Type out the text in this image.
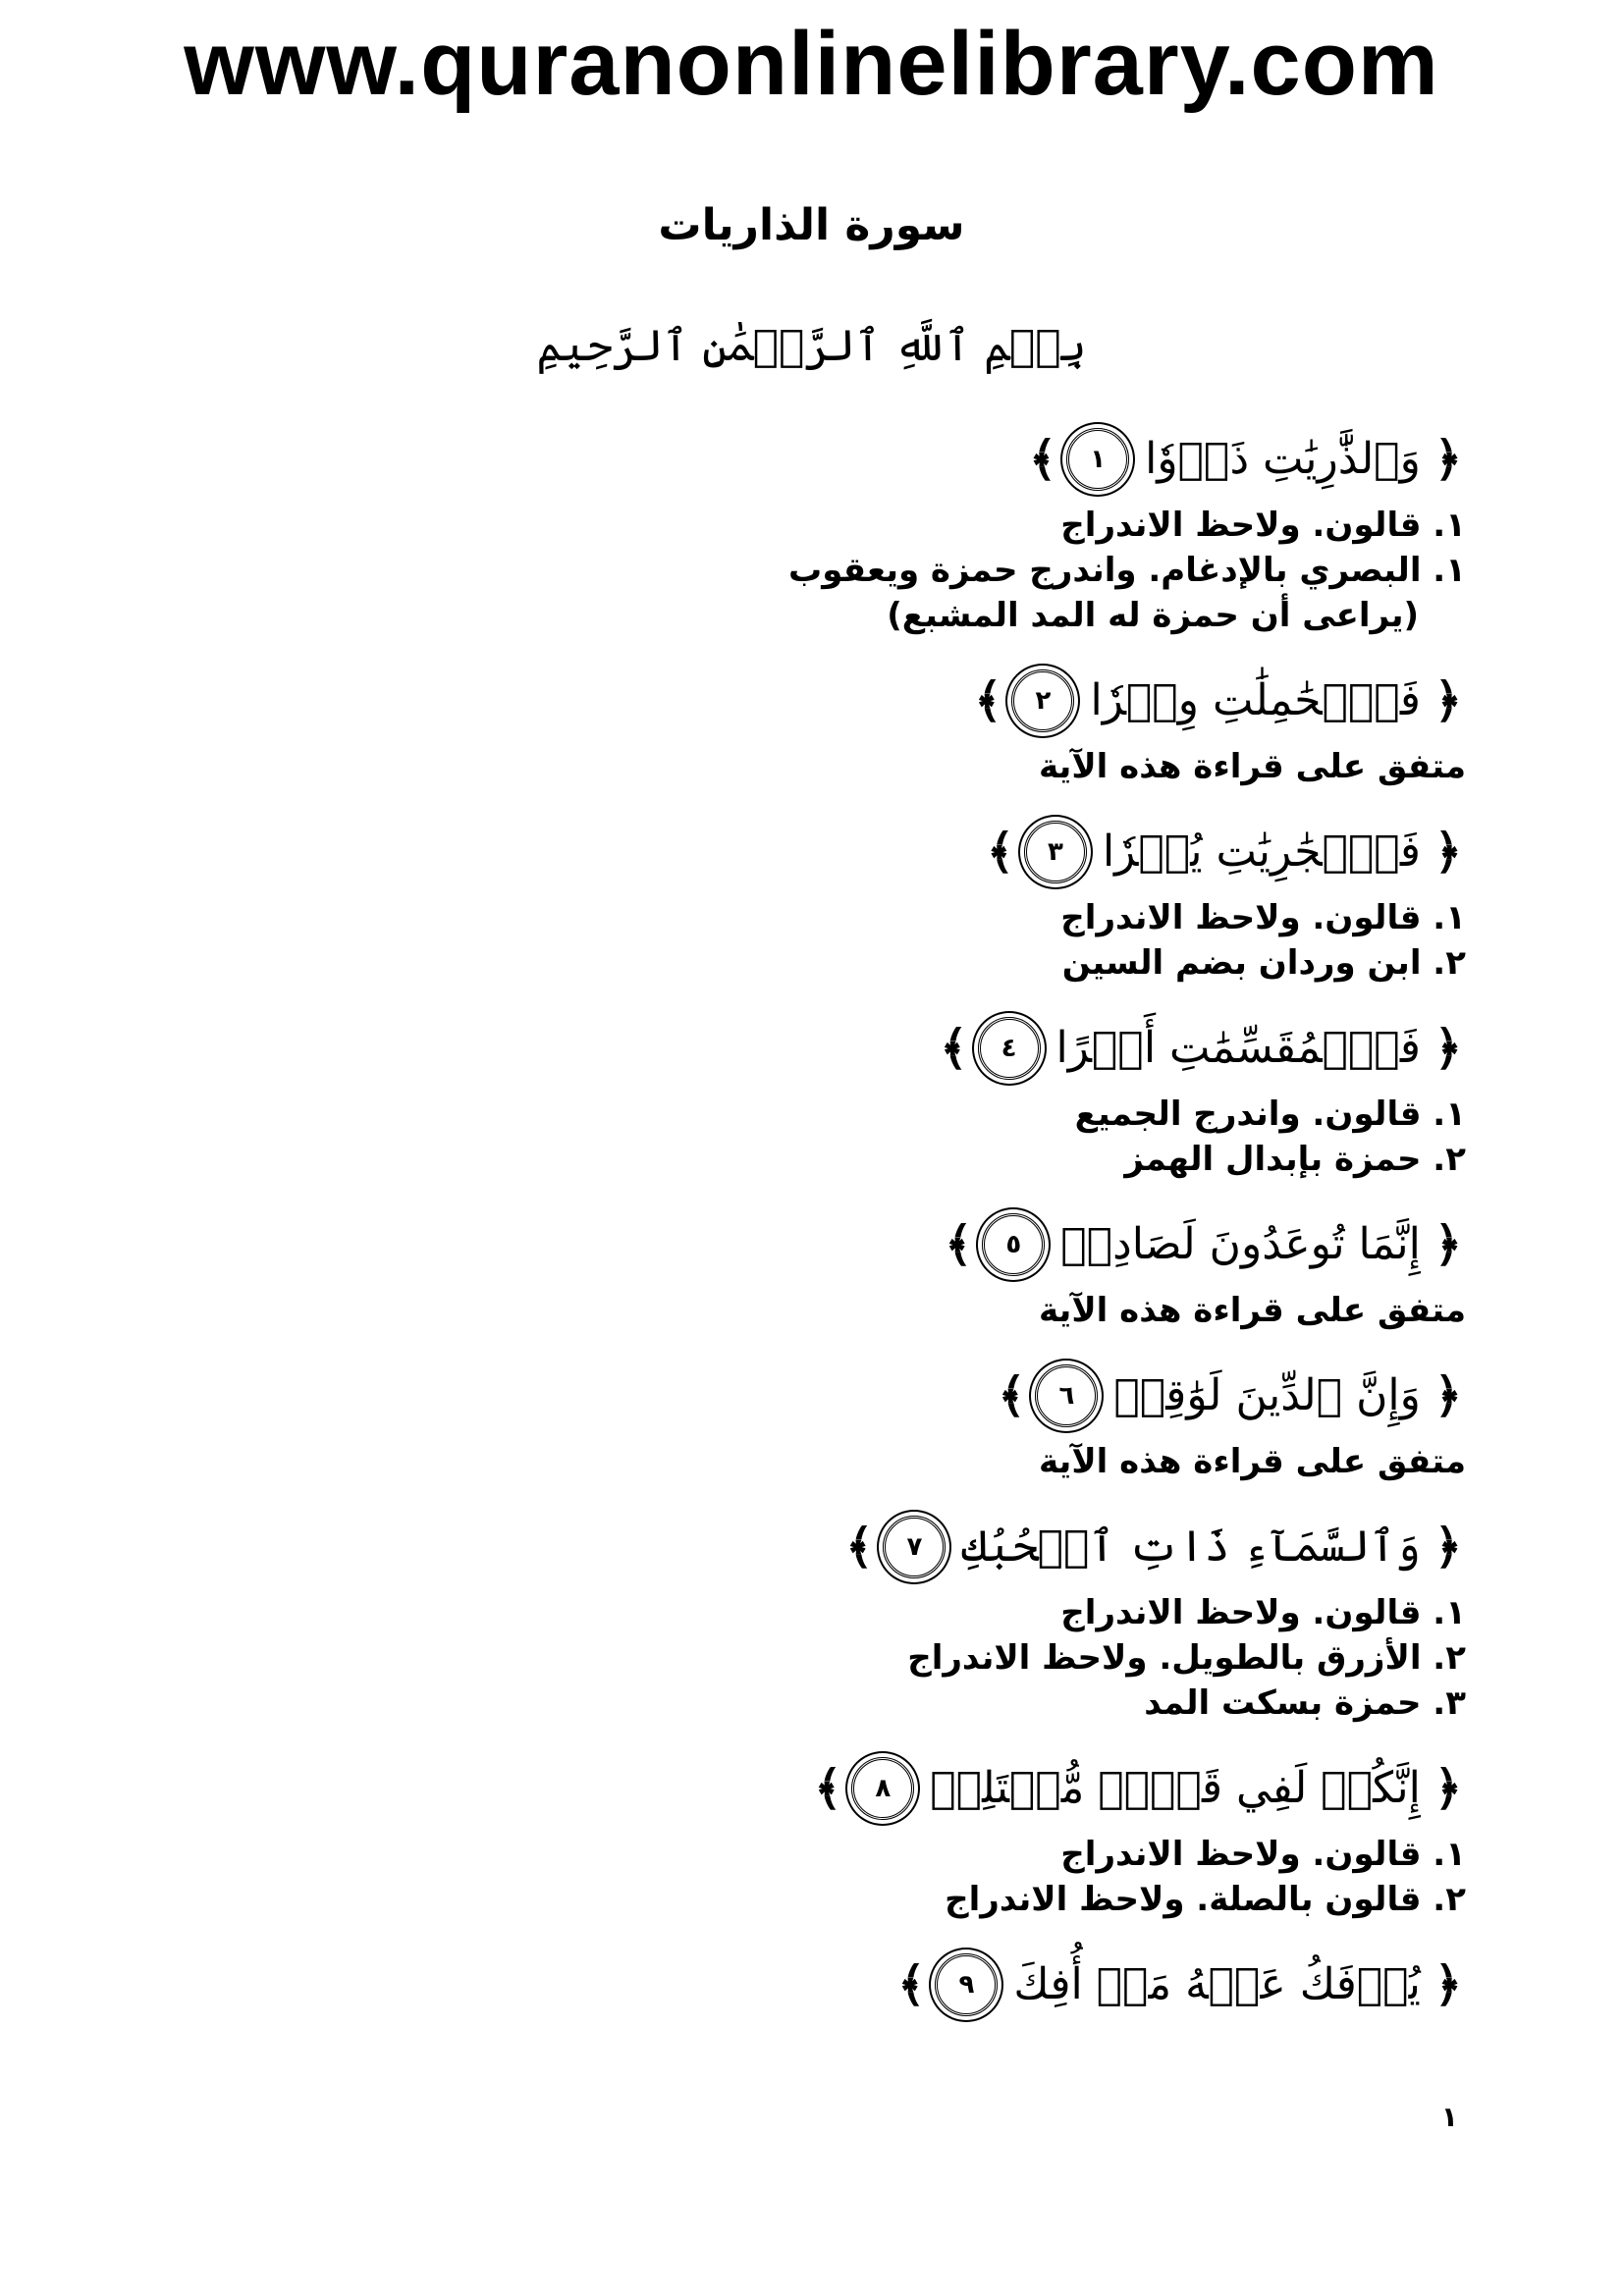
www.quranonlinelibrary.com
سورة الذاريات
بِسۡمِ ٱللَّهِ ٱلرَّحۡمَٰنِ ٱلرَّحِيمِ
﴿
وَٱلذَّٰرِيَٰتِ ذَرۡوٗا
١
﴾
١. قالون. ولاحظ الاندراج
١. البصري بالإدغام. واندرج حمزة ويعقوب
(يراعى أن حمزة له المد المشبع)
﴿
فَٱلۡحَٰمِلَٰتِ وِقۡرٗا
٢
﴾
متفق على قراءة هذه الآية
﴿
فَٱلۡجَٰرِيَٰتِ يُسۡرٗا
٣
﴾
١. قالون. ولاحظ الاندراج
٢. ابن وردان بضم السين
﴿
فَٱلۡمُقَسِّمَٰتِ أَمۡرًا
٤
﴾
١. قالون. واندرج الجميع
٢. حمزة بإبدال الهمز
﴿
إِنَّمَا تُوعَدُونَ لَصَادِقٞ
٥
﴾
متفق على قراءة هذه الآية
﴿
وَإِنَّ ٱلدِّينَ لَوَٰقِعٞ
٦
﴾
متفق على قراءة هذه الآية
﴿
وَٱلسَّمَآءِ ذَاتِ ٱلۡحُبُكِ
٧
﴾
١. قالون. ولاحظ الاندراج
٢. الأزرق بالطويل. ولاحظ الاندراج
٣. حمزة بسكت المد
﴿
إِنَّكُمۡ لَفِي قَوۡلٖ مُّخۡتَلِفٖ
٨
﴾
١. قالون. ولاحظ الاندراج
٢. قالون بالصلة. ولاحظ الاندراج
﴿
يُؤۡفَكُ عَنۡهُ مَنۡ أُفِكَ
٩
﴾
١
